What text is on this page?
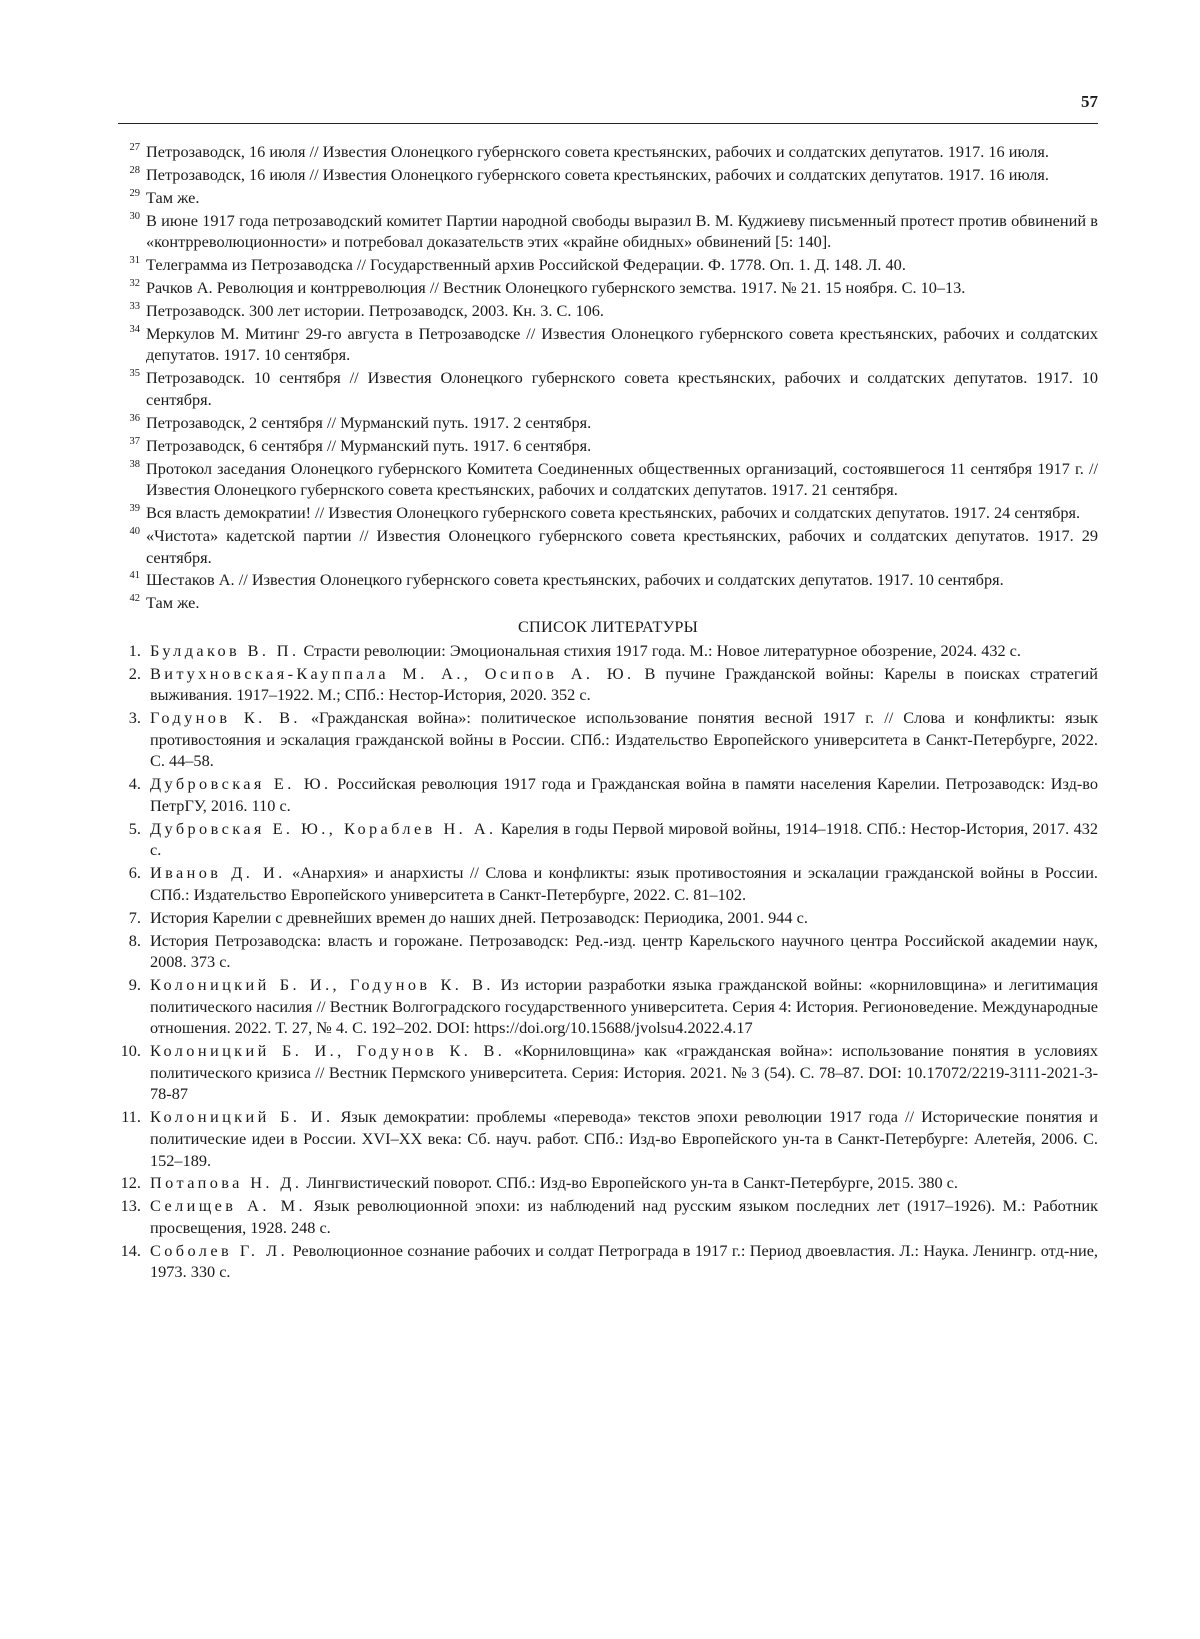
57
27 Петрозаводск, 16 июля // Известия Олонецкого губернского совета крестьянских, рабочих и солдатских депутатов. 1917. 16 июля.
28 Петрозаводск, 16 июля // Известия Олонецкого губернского совета крестьянских, рабочих и солдатских депутатов. 1917. 16 июля.
29 Там же.
30 В июне 1917 года петрозаводский комитет Партии народной свободы выразил В. М. Куджиеву письменный протест против обвинений в «контрреволюционности» и потребовал доказательств этих «крайне обидных» обвинений [5: 140].
31 Телеграмма из Петрозаводска // Государственный архив Российской Федерации. Ф. 1778. Оп. 1. Д. 148. Л. 40.
32 Рачков А. Революция и контрреволюция // Вестник Олонецкого губернского земства. 1917. № 21. 15 ноября. С. 10–13.
33 Петрозаводск. 300 лет истории. Петрозаводск, 2003. Кн. 3. С. 106.
34 Меркулов М. Митинг 29-го августа в Петрозаводске // Известия Олонецкого губернского совета крестьянских, рабочих и солдатских депутатов. 1917. 10 сентября.
35 Петрозаводск. 10 сентября // Известия Олонецкого губернского совета крестьянских, рабочих и солдатских депутатов. 1917. 10 сентября.
36 Петрозаводск, 2 сентября // Мурманский путь. 1917. 2 сентября.
37 Петрозаводск, 6 сентября // Мурманский путь. 1917. 6 сентября.
38 Протокол заседания Олонецкого губернского Комитета Соединенных общественных организаций, состоявшегося 11 сентября 1917 г. // Известия Олонецкого губернского совета крестьянских, рабочих и солдатских депутатов. 1917. 21 сентября.
39 Вся власть демократии! // Известия Олонецкого губернского совета крестьянских, рабочих и солдатских депутатов. 1917. 24 сентября.
40 «Чистота» кадетской партии // Известия Олонецкого губернского совета крестьянских, рабочих и солдатских депутатов. 1917. 29 сентября.
41 Шестаков А. // Известия Олонецкого губернского совета крестьянских, рабочих и солдатских депутатов. 1917. 10 сентября.
42 Там же.
СПИСОК ЛИТЕРАТУРЫ
1. Булдаков В. П. Страсти революции: Эмоциональная стихия 1917 года. М.: Новое литературное обозрение, 2024. 432 с.
2. Витухновская-Кауппала М. А., Осипов А. Ю. В пучине Гражданской войны: Карелы в поисках стратегий выживания. 1917–1922. М.; СПб.: Нестор-История, 2020. 352 с.
3. Годунов К. В. «Гражданская война»: политическое использование понятия весной 1917 г. // Слова и конфликты: язык противостояния и эскалация гражданской войны в России. СПб.: Издательство Европейского университета в Санкт-Петербурге, 2022. С. 44–58.
4. Дубровская Е. Ю. Российская революция 1917 года и Гражданская война в памяти населения Карелии. Петрозаводск: Изд-во ПетрГУ, 2016. 110 с.
5. Дубровская Е. Ю., Кораблев Н. А. Карелия в годы Первой мировой войны, 1914–1918. СПб.: Нестор-История, 2017. 432 с.
6. Иванов Д. И. «Анархия» и анархисты // Слова и конфликты: язык противостояния и эскалации гражданской войны в России. СПб.: Издательство Европейского университета в Санкт-Петербурге, 2022. С. 81–102.
7. История Карелии с древнейших времен до наших дней. Петрозаводск: Периодика, 2001. 944 с.
8. История Петрозаводска: власть и горожане. Петрозаводск: Ред.-изд. центр Карельского научного центра Российской академии наук, 2008. 373 с.
9. Колоницкий Б. И., Годунов К. В. Из истории разработки языка гражданской войны: «корниловщина» и легитимация политического насилия // Вестник Волгоградского государственного университета. Серия 4: История. Регионоведение. Международные отношения. 2022. Т. 27, № 4. С. 192–202. DOI: https://doi.org/10.15688/jvolsu4.2022.4.17
10. Колоницкий Б. И., Годунов К. В. «Корниловщина» как «гражданская война»: использование понятия в условиях политического кризиса // Вестник Пермского университета. Серия: История. 2021. № 3 (54). С. 78–87. DOI: 10.17072/2219-3111-2021-3-78-87
11. Колоницкий Б. И. Язык демократии: проблемы «перевода» текстов эпохи революции 1917 года // Исторические понятия и политические идеи в России. XVI–XX века: Сб. науч. работ. СПб.: Изд-во Европейского ун-та в Санкт-Петербурге: Алетейя, 2006. С. 152–189.
12. Потапова Н. Д. Лингвистический поворот. СПб.: Изд-во Европейского ун-та в Санкт-Петербурге, 2015. 380 с.
13. Селищев А. М. Язык революционной эпохи: из наблюдений над русским языком последних лет (1917–1926). М.: Работник просвещения, 1928. 248 с.
14. Соболев Г. Л. Революционное сознание рабочих и солдат Петрограда в 1917 г.: Период двоевластия. Л.: Наука. Ленингр. отд-ние, 1973. 330 с.
